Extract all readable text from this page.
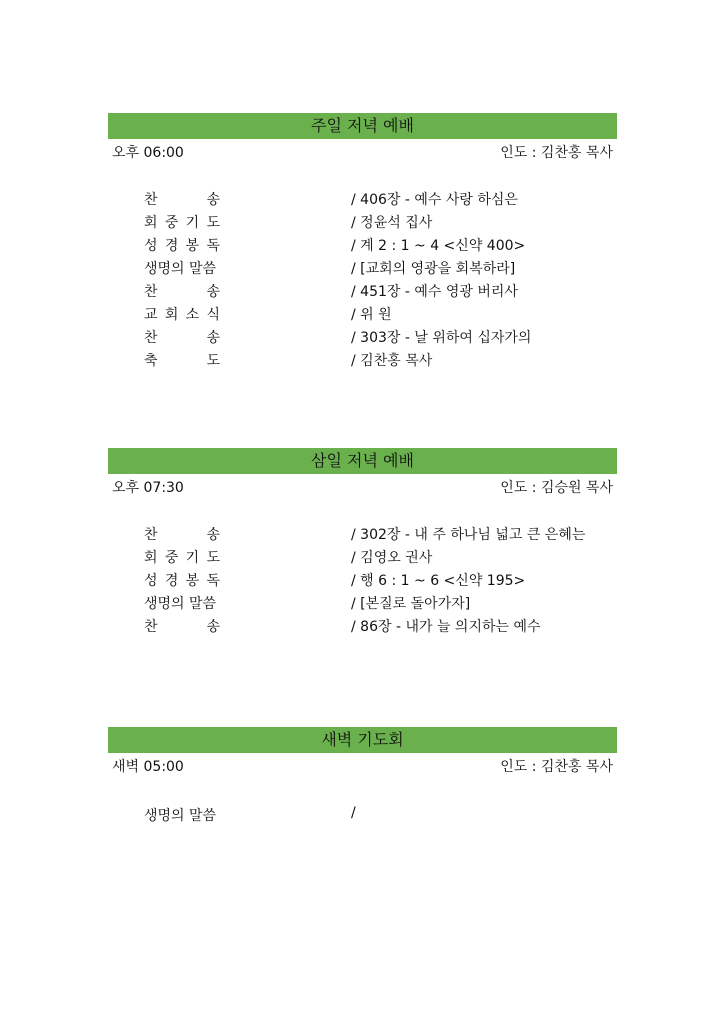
주일 저녁 예배
오후 06:00	인도 : 김찬홍 목사
찬	송	/ 406장 - 예수 사랑 하심은
회 중 기 도	/ 정윤석 집사
성 경 봉 독	/ 계 2 : 1 ~ 4 <신약 400>
생명의 말씀	/ [교회의 영광을 회복하라]
찬	송	/ 451장 - 예수 영광 버리사
교 회 소 식	/ 위 원
찬	송	/ 303장 - 날 위하여 십자가의
축	도	/ 김찬홍 목사
삼일 저녁 예배
오후 07:30	인도 : 김승원 목사
찬	송	/ 302장 - 내 주 하나님 넓고 큰 은혜는
회 중 기 도	/ 김영오 권사
성 경 봉 독	/ 행 6 : 1 ~ 6 <신약 195>
생명의 말씀	/ [본질로 돌아가자]
찬	송	/ 86장 - 내가 늘 의지하는 예수
새벽 기도회
새벽 05:00	인도 : 김찬홍 목사
생명의 말씀	/
